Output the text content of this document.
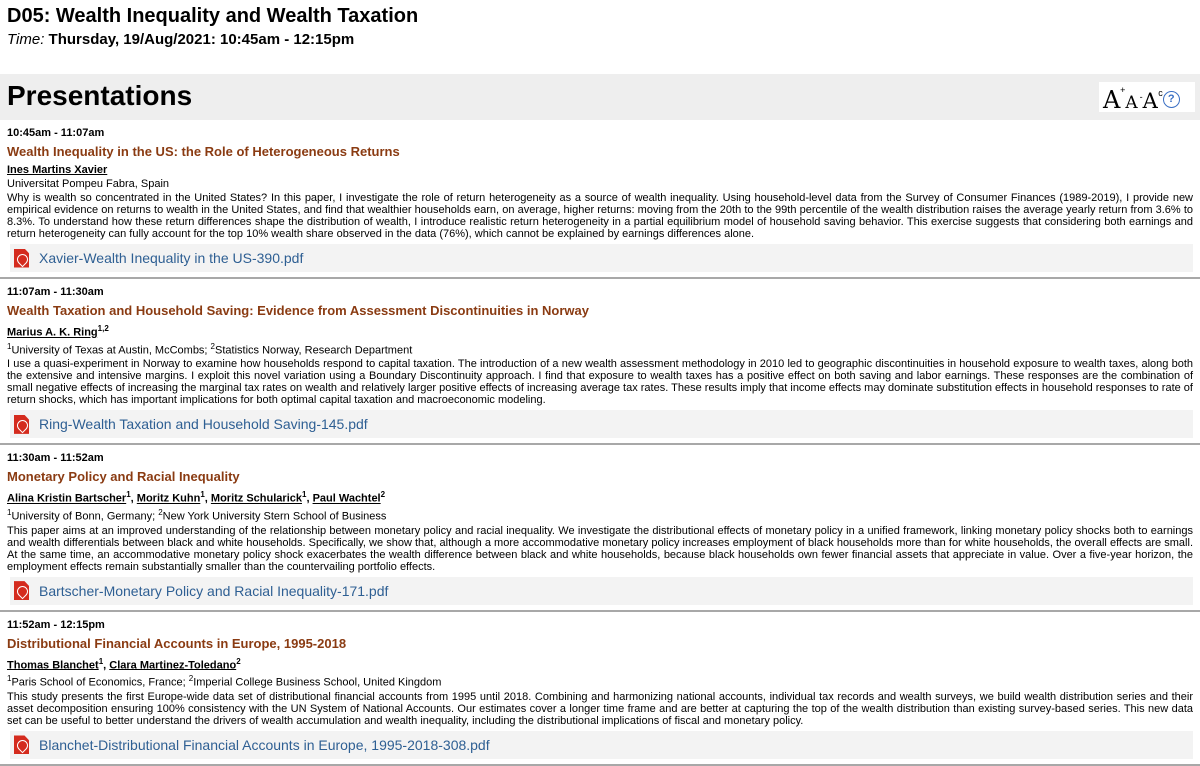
D05: Wealth Inequality and Wealth Taxation
Time: Thursday, 19/Aug/2021: 10:45am - 12:15pm
Presentations	A +
A - A c ?
10:45am - 11:07am
Wealth Inequality in the US: the Role of Heterogeneous Returns
Ines Martins Xavier
Universitat Pompeu Fabra, Spain
Why is wealth so concentrated in the United States? In this paper, I investigate the role of return heterogeneity as a source of wealth inequality. Using household-level data from the Survey of Consumer Finances (1989-2019), I provide new empirical evidence on returns to wealth in the United States, and find that wealthier households earn, on average, higher returns: moving from the 20th to the 99th percentile of the wealth distribution raises the average yearly return from 3.6% to 8.3%. To understand how these return differences shape the distribution of wealth, I introduce realistic return heterogeneity in a partial equilibrium model of household saving behavior. This exercise suggests that considering both earnings and return heterogeneity can fully account for the top 10% wealth share observed in the data (76%), which cannot be explained by earnings differences alone.
Xavier-Wealth Inequality in the US-390.pdf
11:07am - 11:30am
Wealth Taxation and Household Saving: Evidence from Assessment Discontinuities in Norway
Marius A. K. Ring$^{1,2}$
$^1$University of Texas at Austin, McCombs; $^2$Statistics Norway, Research Department
I use a quasi-experiment in Norway to examine how households respond to capital taxation. The introduction of a new wealth assessment methodology in 2010 led to geographic discontinuities in household exposure to wealth taxes, along both the extensive and intensive margins. I exploit this novel variation using a Boundary Discontinuity approach. I find that exposure to wealth taxes has a positive effect on both saving and labor earnings. These responses are the combination of small negative effects of increasing the marginal tax rates on wealth and relatively larger positive effects of increasing average tax rates. These results imply that income effects may dominate substitution effects in household responses to rate of return shocks, which has important implications for both optimal capital taxation and macroeconomic modeling.
Ring-Wealth Taxation and Household Saving-145.pdf
11:30am - 11:52am
Monetary Policy and Racial Inequality
Alina Kristin Bartscher$^1$, Moritz Kuhn$^1$, Moritz Schularick$^1$, Paul Wachtel$^2$
$^1$University of Bonn, Germany; $^2$New York University Stern School of Business
This paper aims at an improved understanding of the relationship between monetary policy and racial inequality. We investigate the distributional effects of monetary policy in a unified framework, linking monetary policy shocks both to earnings and wealth differentials between black and white households. Specifically, we show that, although a more accommodative monetary policy increases employment of black households more than for white households, the overall effects are small. At the same time, an accommodative monetary policy shock exacerbates the wealth difference between black and white households, because black households own fewer financial assets that appreciate in value. Over a five-year horizon, the employment effects remain substantially smaller than the countervailing portfolio effects.
Bartscher-Monetary Policy and Racial Inequality-171.pdf
11:52am - 12:15pm
Distributional Financial Accounts in Europe, 1995-2018
Thomas Blanchet$^1$, Clara Martinez-Toledano$^2$
$^1$Paris School of Economics, France; $^2$Imperial College Business School, United Kingdom
This study presents the first Europe-wide data set of distributional financial accounts from 1995 until 2018. Combining and harmonizing national accounts, individual tax records and wealth surveys, we build wealth distribution series and their asset decomposition ensuring 100% consistency with the UN System of National Accounts. Our estimates cover a longer time frame and are better at capturing the top of the wealth distribution than existing survey-based series. This new data set can be useful to better understand the drivers of wealth accumulation and wealth inequality, including the distributional implications of fiscal and monetary policy.
Blanchet-Distributional Financial Accounts in Europe, 1995-2018-308.pdf
